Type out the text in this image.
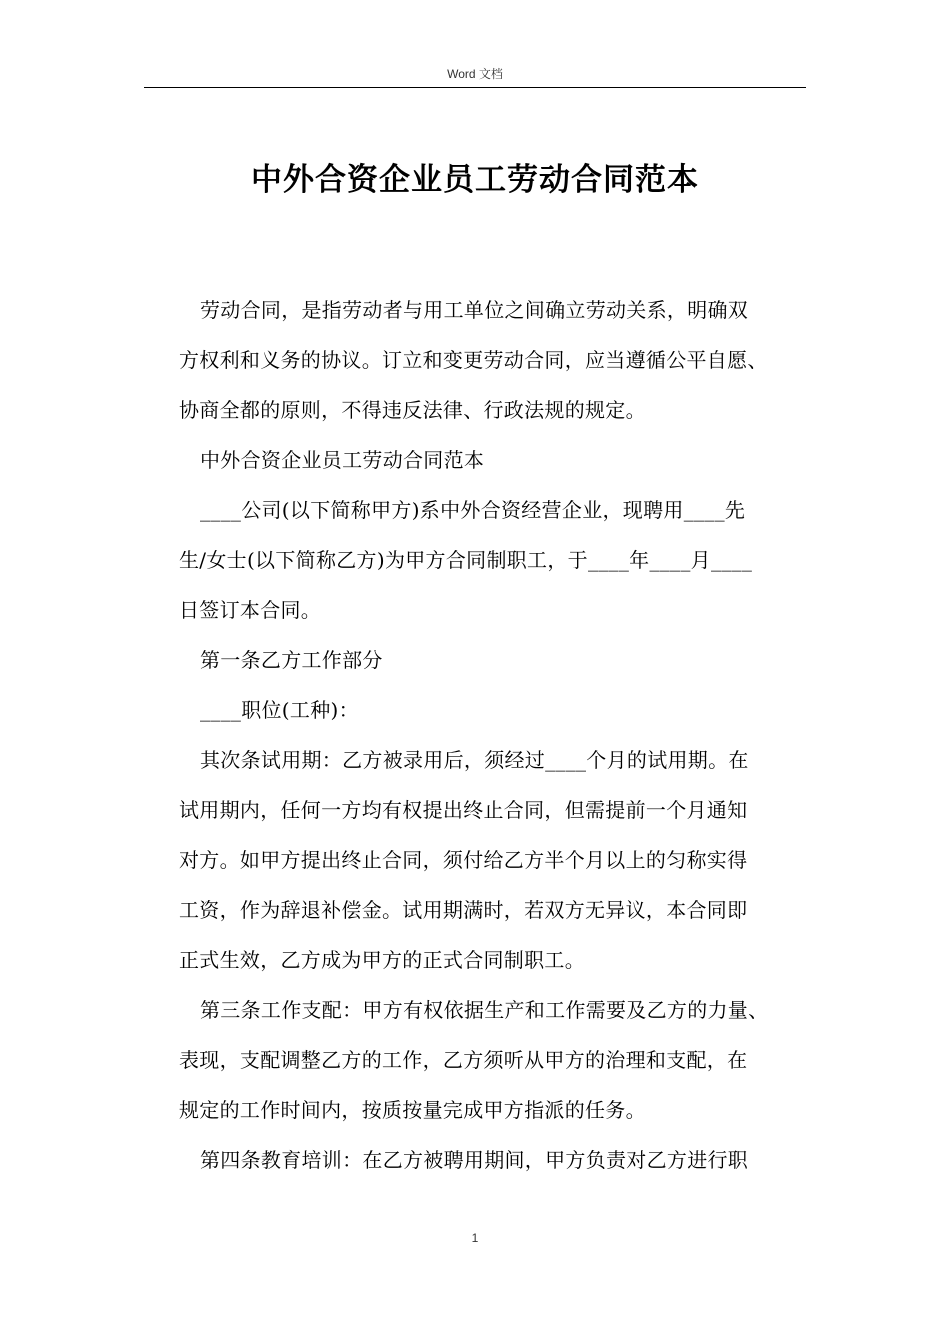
Word 文档
中外合资企业员工劳动合同范本
劳动合同，是指劳动者与用工单位之间确立劳动关系，明确双
方权利和义务的协议。订立和变更劳动合同，应当遵循公平自愿、
协商全都的原则，不得违反法律、行政法规的规定。
中外合资企业员工劳动合同范本
____公司(以下简称甲方)系中外合资经营企业，现聘用____先
生/女士(以下简称乙方)为甲方合同制职工，于____年____月____
日签订本合同。
第一条乙方工作部分
____职位(工种)：
其次条试用期：乙方被录用后，须经过____个月的试用期。在
试用期内，任何一方均有权提出终止合同，但需提前一个月通知
对方。如甲方提出终止合同，须付给乙方半个月以上的匀称实得
工资，作为辞退补偿金。试用期满时，若双方无异议，本合同即
正式生效，乙方成为甲方的正式合同制职工。
第三条工作支配：甲方有权依据生产和工作需要及乙方的力量、
表现，支配调整乙方的工作，乙方须听从甲方的治理和支配，在
规定的工作时间内，按质按量完成甲方指派的任务。
第四条教育培训：在乙方被聘用期间，甲方负责对乙方进行职
1
